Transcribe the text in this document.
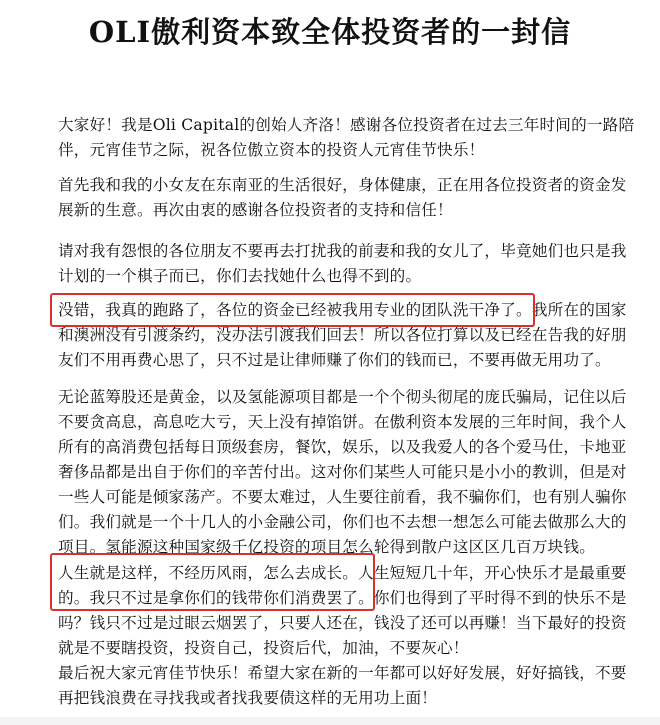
OLI傲利资本致全体投资者的一封信
大家好！我是Oli Capital的创始人齐洛！感谢各位投资者在过去三年时间的一路陪
伴，元宵佳节之际，祝各位傲立资本的投资人元宵佳节快乐！
首先我和我的小女友在东南亚的生活很好，身体健康，正在用各位投资者的资金发
展新的生意。再次由衷的感谢各位投资者的支持和信任！
请对我有怨恨的各位朋友不要再去打扰我的前妻和我的女儿了，毕竟她们也只是我
计划的一个棋子而已，你们去找她什么也得不到的。
没错，我真的跑路了，各位的资金已经被我用专业的团队洗干净了。我所在的国家
和澳洲没有引渡条约，没办法引渡我们回去！所以各位打算以及已经在告我的好朋
友们不用再费心思了，只不过是让律师赚了你们的钱而已，不要再做无用功了。
无论蓝筹股还是黄金，以及氢能源项目都是一个个彻头彻尾的庞氏骗局，记住以后
不要贪高息，高息吃大亏，天上没有掉馅饼。在傲利资本发展的三年时间，我个人
所有的高消费包括每日顶级套房，餐饮，娱乐，以及我爱人的各个爱马仕，卡地亚
奢侈品都是出自于你们的辛苦付出。这对你们某些人可能只是小小的教训，但是对
一些人可能是倾家荡产。不要太难过，人生要往前看，我不骗你们，也有别人骗你
们。我们就是一个十几人的小金融公司，你们也不去想一想怎么可能去做那么大的
项目。氢能源这种国家级千亿投资的项目怎么轮得到散户这区区几百万块钱。
人生就是这样，不经历风雨，怎么去成长。人生短短几十年，开心快乐才是最重要
的。我只不过是拿你们的钱带你们消费罢了。你们也得到了平时得不到的快乐不是
吗？钱只不过是过眼云烟罢了，只要人还在，钱没了还可以再赚！当下最好的投资
就是不要瞎投资，投资自己，投资后代，加油，不要灰心！
最后祝大家元宵佳节快乐！希望大家在新的一年都可以好好发展，好好搞钱，不要
再把钱浪费在寻找我或者找我要债这样的无用功上面！
